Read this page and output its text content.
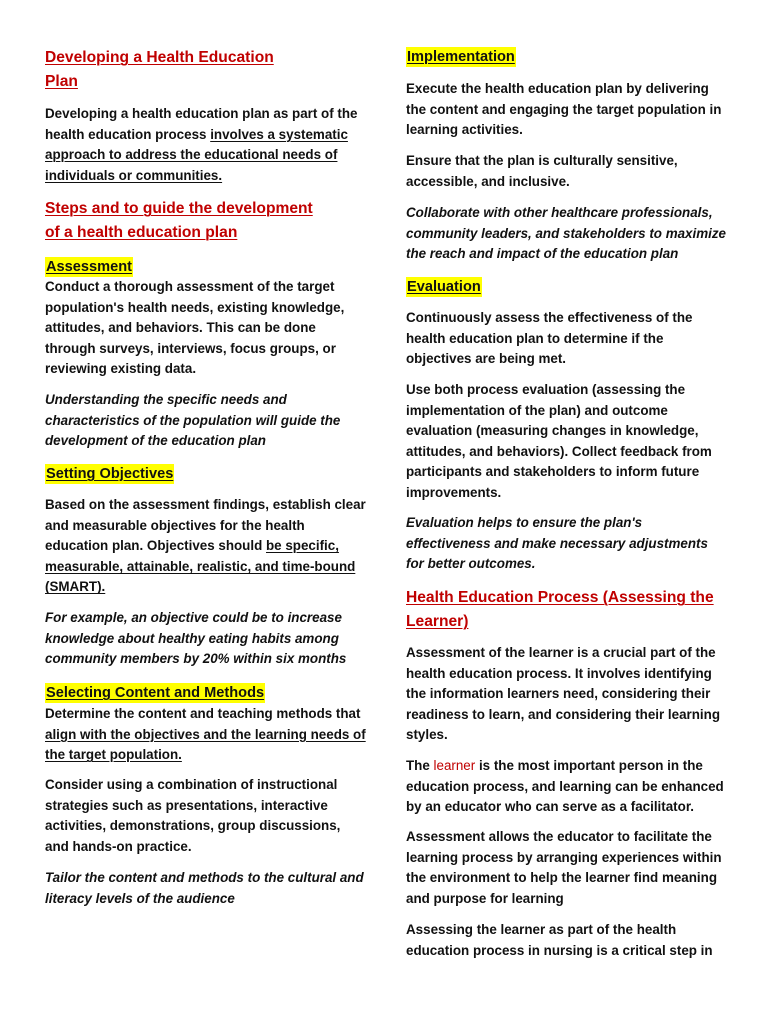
Developing a Health Education
Plan

Developing a health education plan as part of the health education process involves a systematic approach to address the educational needs of individuals or communities.

Steps and to guide the development
of a health education plan
Assessment

Conduct a thorough assessment of the target population's health needs, existing knowledge, attitudes, and behaviors. This can be done through surveys, interviews, focus groups, or reviewing existing data.

Understanding the specific needs and characteristics of the population will guide the development of the education plan

Setting Objectives

Based on the assessment findings, establish clear and measurable objectives for the health education plan. Objectives should be specific, measurable, attainable, realistic, and time-bound (SMART).

For example, an objective could be to increase knowledge about healthy eating habits among community members by 20% within six months

Selecting Content and Methods

Determine the content and teaching methods that align with the objectives and the learning needs of the target population.

Consider using a combination of instructional strategies such as presentations, interactive activities, demonstrations, group discussions, and hands-on practice.

Tailor the content and methods to the cultural and literacy levels of the audience

Implementation

Execute the health education plan by delivering the content and engaging the target population in learning activities.

Ensure that the plan is culturally sensitive, accessible, and inclusive.

Collaborate with other healthcare professionals, community leaders, and stakeholders to maximize the reach and impact of the education plan

Evaluation

Continuously assess the effectiveness of the health education plan to determine if the objectives are being met.

Use both process evaluation (assessing the implementation of the plan) and outcome evaluation (measuring changes in knowledge, attitudes, and behaviors). Collect feedback from participants and stakeholders to inform future improvements.

Evaluation helps to ensure the plan's effectiveness and make necessary adjustments for better outcomes.

Health Education Process (Assessing the Learner)

Assessment of the learner is a crucial part of the health education process. It involves identifying the information learners need, considering their readiness to learn, and considering their learning styles.

The learner is the most important person in the education process, and learning can be enhanced by an educator who can serve as a facilitator.

Assessment allows the educator to facilitate the learning process by arranging experiences within the environment to help the learner find meaning and purpose for learning

Assessing the learner as part of the health education process in nursing is a critical step in
